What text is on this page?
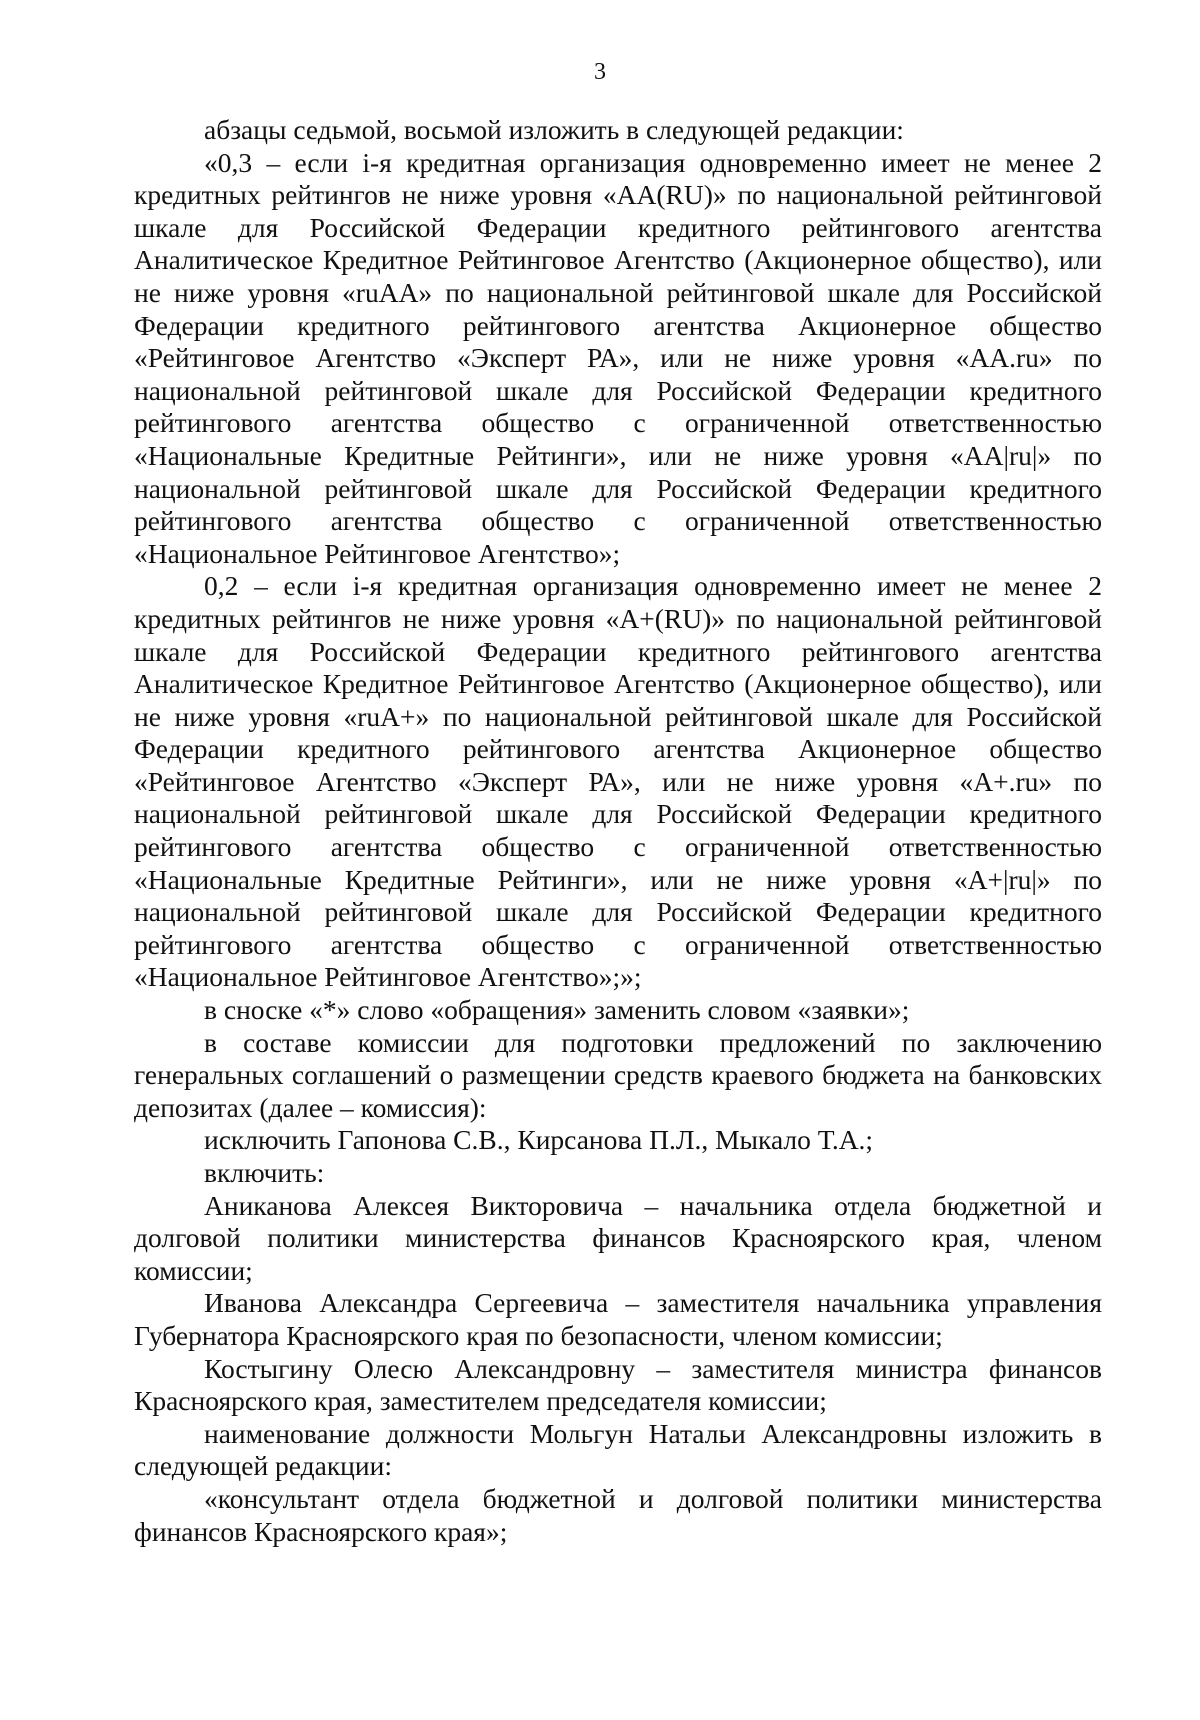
3

абзацы седьмой, восьмой изложить в следующей редакции:

«0,3 – если i-я кредитная организация одновременно имеет не менее 2 кредитных рейтингов не ниже уровня «AA(RU)» по национальной рейтинговой шкале для Российской Федерации кредитного рейтингового агентства Аналитическое Кредитное Рейтинговое Агентство (Акционерное общество), или не ниже уровня «ruAA» по национальной рейтинговой шкале для Российской Федерации кредитного рейтингового агентства Акционерное общество «Рейтинговое Агентство «Эксперт РА», или не ниже уровня «AA.ru» по национальной рейтинговой шкале для Российской Федерации кредитного рейтингового агентства общество с ограниченной ответственностью «Национальные Кредитные Рейтинги», или не ниже уровня «AA|ru|» по национальной рейтинговой шкале для Российской Федерации кредитного рейтингового агентства общество с ограниченной ответственностью «Национальное Рейтинговое Агентство»;

0,2 – если i-я кредитная организация одновременно имеет не менее 2 кредитных рейтингов не ниже уровня «A+(RU)» по национальной рейтинговой шкале для Российской Федерации кредитного рейтингового агентства Аналитическое Кредитное Рейтинговое Агентство (Акционерное общество), или не ниже уровня «ruA+» по национальной рейтинговой шкале для Российской Федерации кредитного рейтингового агентства Акционерное общество «Рейтинговое Агентство «Эксперт РА», или не ниже уровня «A+.ru» по национальной рейтинговой шкале для Российской Федерации кредитного рейтингового агентства общество с ограниченной ответственностью «Национальные Кредитные Рейтинги», или не ниже уровня «A+|ru|» по национальной рейтинговой шкале для Российской Федерации кредитного рейтингового агентства общество с ограниченной ответственностью «Национальное Рейтинговое Агентство»;»;

в сноске «*» слово «обращения» заменить словом «заявки»;

в составе комиссии для подготовки предложений по заключению генеральных соглашений о размещении средств краевого бюджета на банковских депозитах (далее – комиссия):

исключить Гапонова С.В., Кирсанова П.Л., Мыкало Т.А.;

включить:

Аниканова Алексея Викторовича – начальника отдела бюджетной и долговой политики министерства финансов Красноярского края, членом комиссии;

Иванова Александра Сергеевича – заместителя начальника управления Губернатора Красноярского края по безопасности, членом комиссии;

Костыгину Олесю Александровну – заместителя министра финансов Красноярского края, заместителем председателя комиссии;

наименование должности Мольгун Натальи Александровны изложить в следующей редакции:

«консультант отдела бюджетной и долговой политики министерства финансов Красноярского края»;
